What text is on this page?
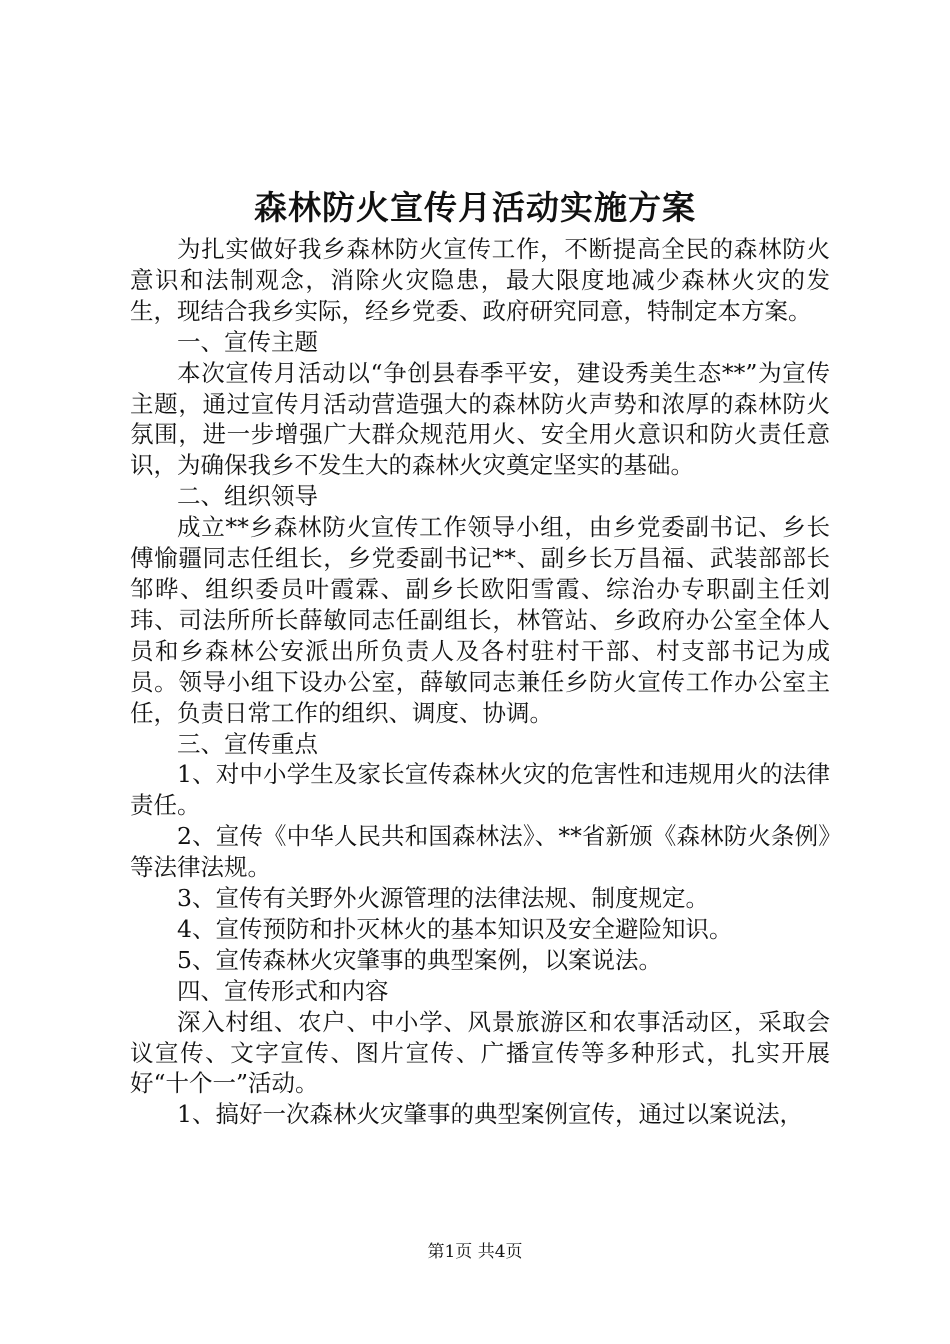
森林防火宣传月活动实施方案

为扎实做好我乡森林防火宣传工作，不断提高全民的森林防火意识和法制观念，消除火灾隐患，最大限度地减少森林火灾的发生，现结合我乡实际，经乡党委、政府研究同意，特制定本方案。

一、宣传主题

本次宣传月活动以“争创县春季平安，建设秀美生态**”为宣传主题，通过宣传月活动营造强大的森林防火声势和浓厚的森林防火氛围，进一步增强广大群众规范用火、安全用火意识和防火责任意识，为确保我乡不发生大的森林火灾奠定坚实的基础。

二、组织领导

成立**乡森林防火宣传工作领导小组，由乡党委副书记、乡长傅愉疆同志任组长，乡党委副书记**、副乡长万昌福、武装部部长邹晔、组织委员叶霞霖、副乡长欧阳雪霞、综治办专职副主任刘玮、司法所所长薛敏同志任副组长，林管站、乡政府办公室全体人员和乡森林公安派出所负责人及各村驻村干部、村支部书记为成员。领导小组下设办公室，薛敏同志兼任乡防火宣传工作办公室主任，负责日常工作的组织、调度、协调。

三、宣传重点

1、对中小学生及家长宣传森林火灾的危害性和违规用火的法律责任。

2、宣传《中华人民共和国森林法》、**省新颁《森林防火条例》等法律法规。

3、宣传有关野外火源管理的法律法规、制度规定。

4、宣传预防和扑灭林火的基本知识及安全避险知识。

5、宣传森林火灾肇事的典型案例，以案说法。

四、宣传形式和内容

深入村组、农户、中小学、风景旅游区和农事活动区，采取会议宣传、文字宣传、图片宣传、广播宣传等多种形式，扎实开展好“十个一”活动。

1、搞好一次森林火灾肇事的典型案例宣传，通过以案说法，

第1页 共4页
